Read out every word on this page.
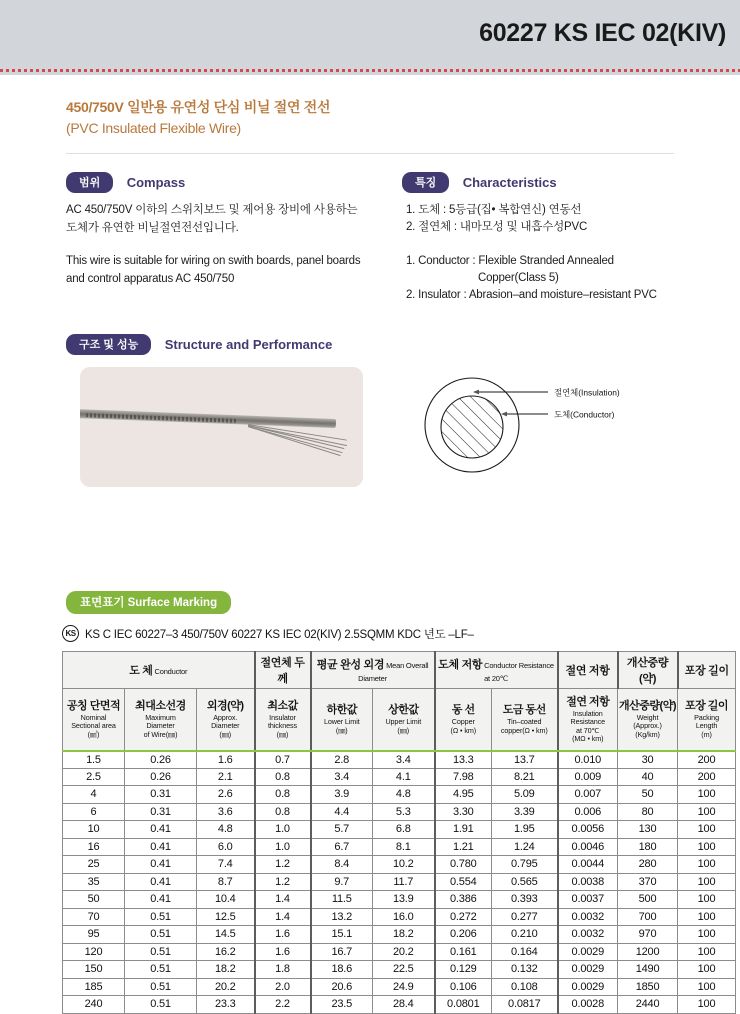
60227 KS IEC 02(KIV)
450/750V 일반용 유연성 단심 비닐 절연 전선
(PVC Insulated Flexible Wire)
범위 Compass
AC 450/750V 이하의 스위치보드 및 제어용 장비에 사용하는 도체가 유연한 비닐절연전선입니다.
This wire is suitable for wiring on swith boards, panel boards and control apparatus AC 450/750
특징 Characteristics
1. 도체 : 5등급(집• 복합연신) 연동선
2. 절연체 : 내마모성 및 내흡수성PVC
1. Conductor : Flexible Stranded Annealed
Copper(Class 5)
2. Insulator : Abrasion–and moisture–resistant PVC
구조 및 성능 Structure and Performance
절연체(Insulation)
도체(Conductor)
표면표기 Surface Marking
KS KS C IEC 60227–3 450/750V 60227 KS IEC 02(KIV) 2.5SQMM KDC 년도 –LF–
도 체 Conductor			절연체 두께	평균 완성 외경 Mean Overall Diameter		도체 저항 Conductor Resistance at 20℃		절연 저항	개산중량(약)	포장 길이

공칭 단면적
Nominal
Sectional area
(㎟)	최대소선경
Maximum
Diameter
of Wire(㎜)	외경(약)
Approx.
Diameter
(㎜)	최소값
Insulator
thickness
(㎜)	하한값
Lower Limit
(㎜)	상한값
Upper Limit
(㎜)	동 선
Copper
(Ω • km)	도금 동선
Tin–coated
copper(Ω • km)	절연 저항
Insulation
Resistance
at 70℃
(MΩ • km)	개산중량(약)
Weight
(Approx.)
(Kg/km)	포장 길이
Packing
Length
(m)

1.5	0.26	1.6	0.7	2.8	3.4	13.3	13.7	0.010	30	200
2.5	0.26	2.1	0.8	3.4	4.1	7.98	8.21	0.009	40	200
4	0.31	2.6	0.8	3.9	4.8	4.95	5.09	0.007	50	100
6	0.31	3.6	0.8	4.4	5.3	3.30	3.39	0.006	80	100
10	0.41	4.8	1.0	5.7	6.8	1.91	1.95	0.0056	130	100
16	0.41	6.0	1.0	6.7	8.1	1.21	1.24	0.0046	180	100
25	0.41	7.4	1.2	8.4	10.2	0.780	0.795	0.0044	280	100
35	0.41	8.7	1.2	9.7	11.7	0.554	0.565	0.0038	370	100
50	0.41	10.4	1.4	11.5	13.9	0.386	0.393	0.0037	500	100
70	0.51	12.5	1.4	13.2	16.0	0.272	0.277	0.0032	700	100
95	0.51	14.5	1.6	15.1	18.2	0.206	0.210	0.0032	970	100
120	0.51	16.2	1.6	16.7	20.2	0.161	0.164	0.0029	1200	100
150	0.51	18.2	1.8	18.6	22.5	0.129	0.132	0.0029	1490	100
185	0.51	20.2	2.0	20.6	24.9	0.106	0.108	0.0029	1850	100
240	0.51	23.3	2.2	23.5	28.4	0.0801	0.0817	0.0028	2440	100
